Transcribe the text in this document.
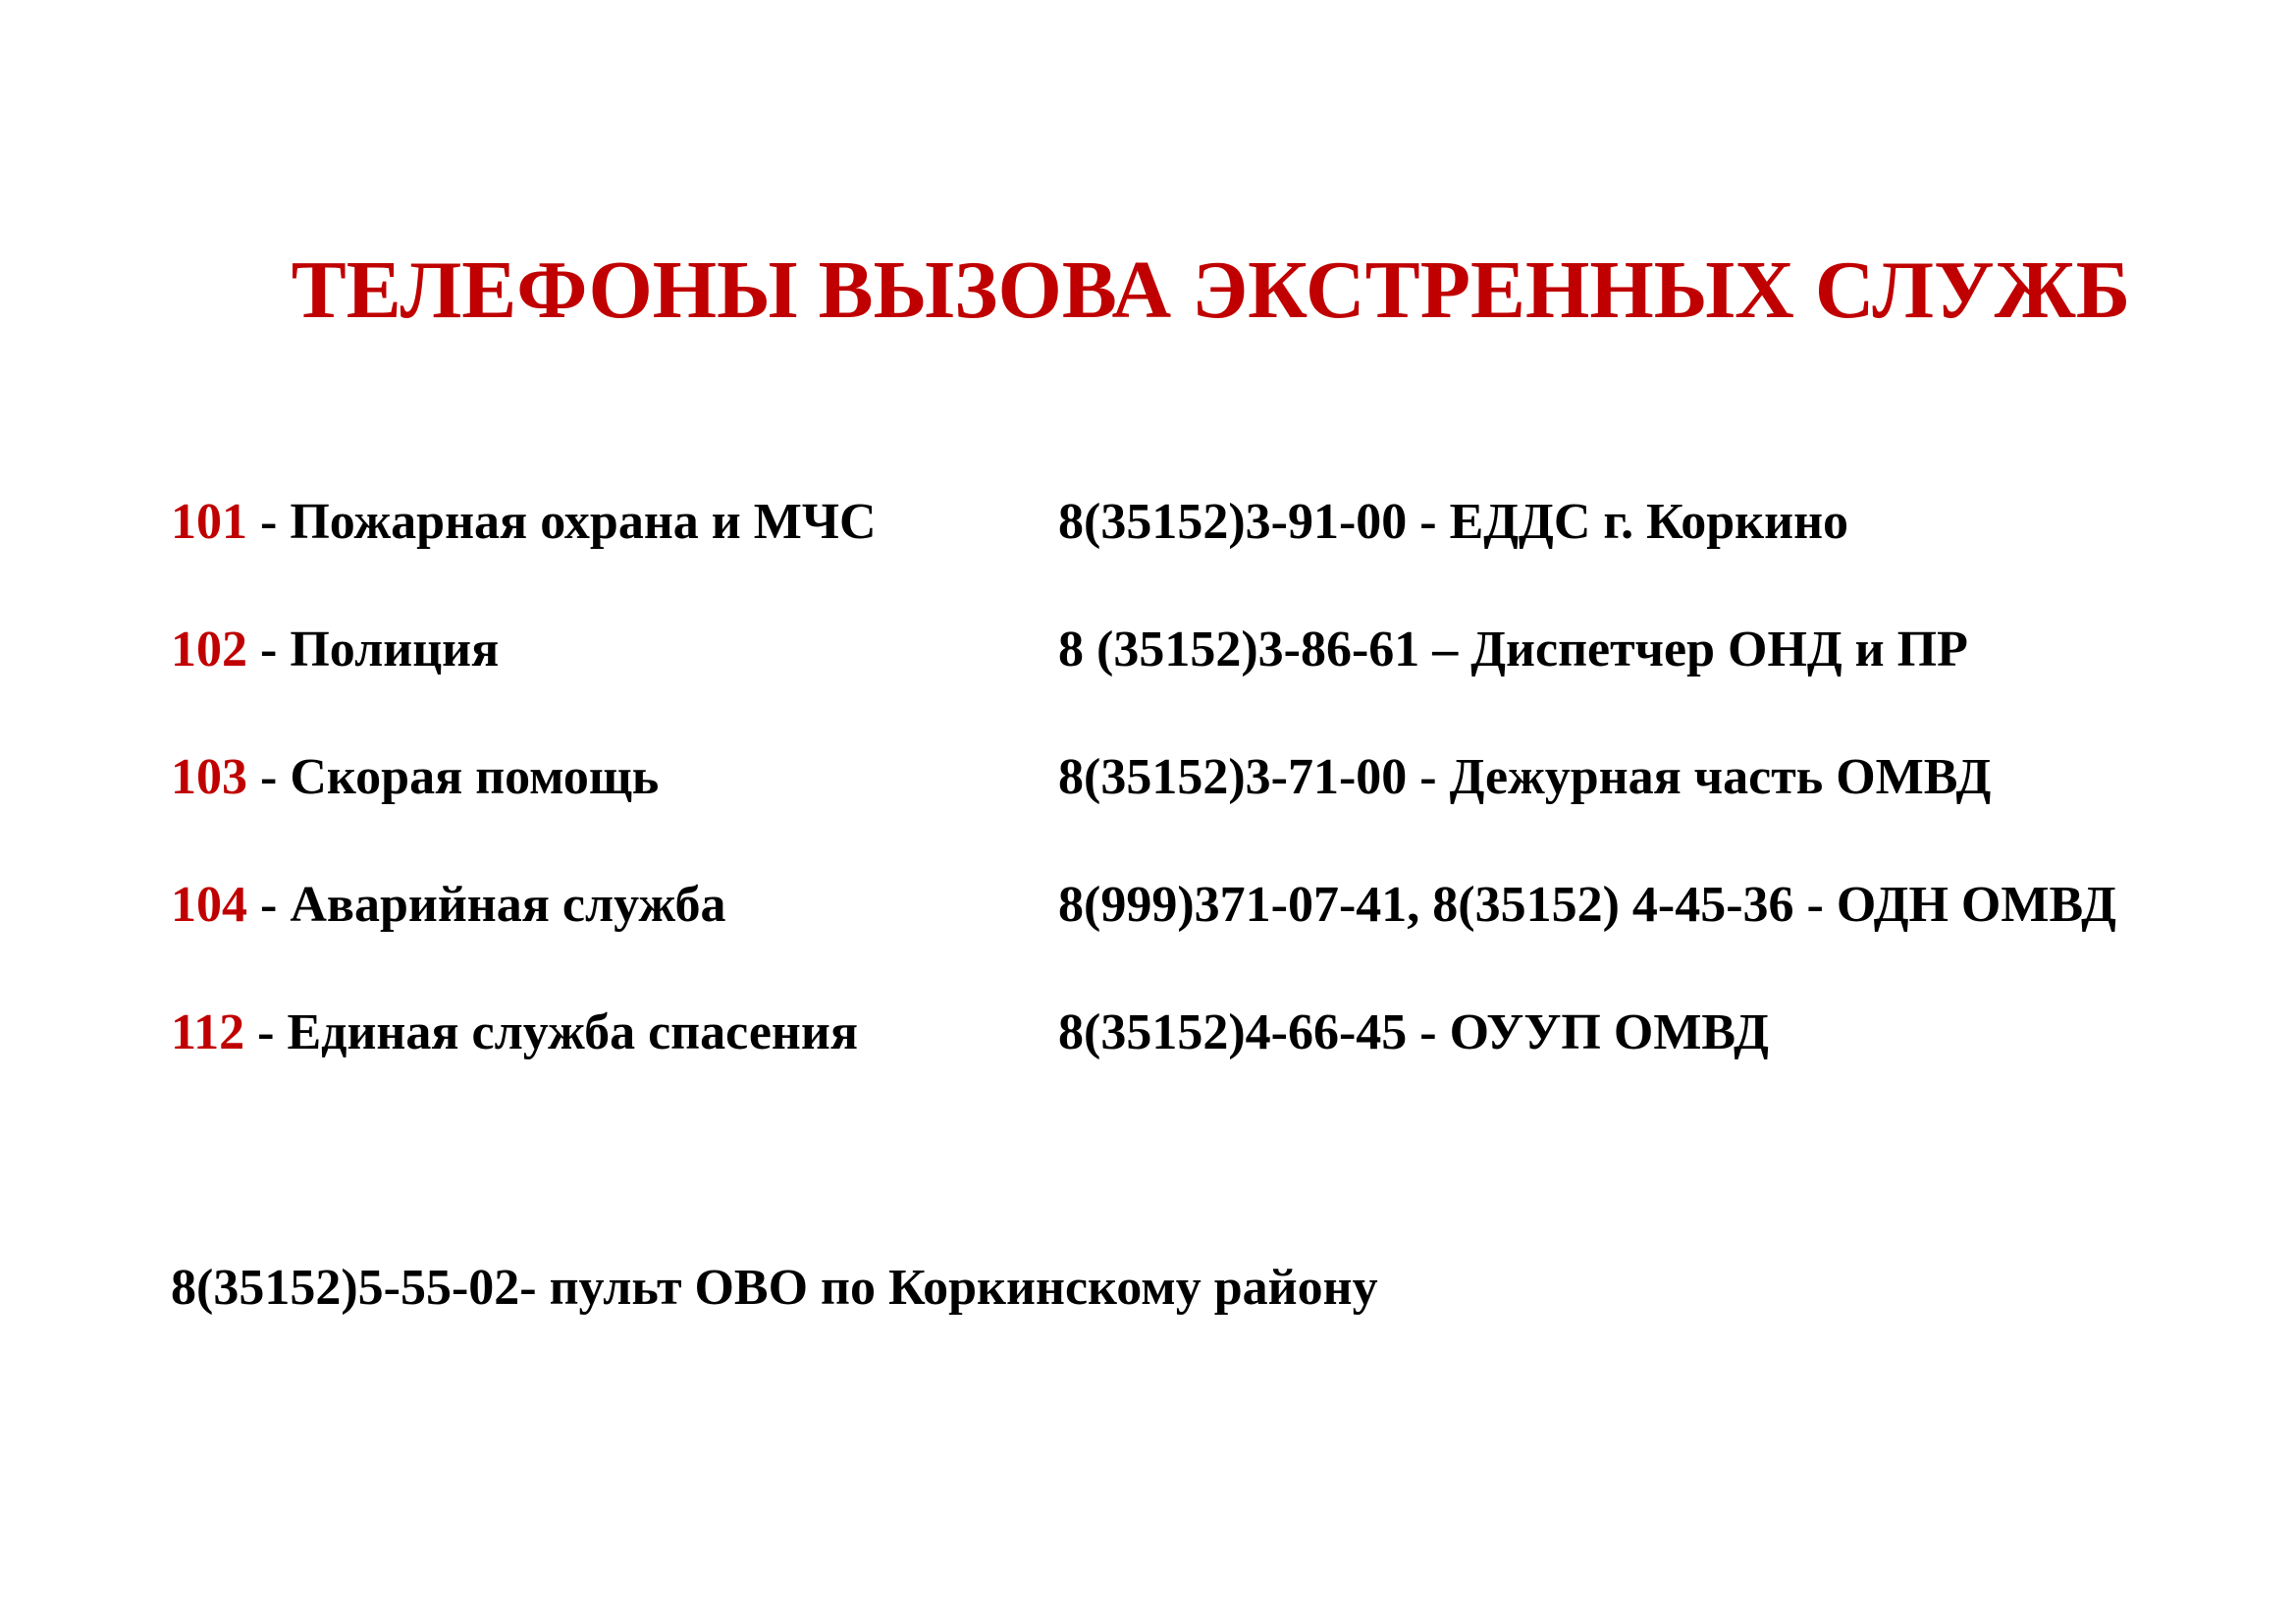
ТЕЛЕФОНЫ ВЫЗОВА ЭКСТРЕННЫХ СЛУЖБ
101 - Пожарная охрана и МЧС
102 - Полиция
103 - Скорая помощь
104 - Аварийная служба
112 - Единая служба спасения
8(35152)3-91-00 - ЕДДС г. Коркино
8 (35152)3-86-61 – Диспетчер ОНД и ПР
8(35152)3-71-00 - Дежурная часть ОМВД
8(999)371-07-41, 8(35152) 4-45-36 - ОДН ОМВД
8(35152)4-66-45 - ОУУП ОМВД
8(35152)5-55-02- пульт ОВО по Коркинскому району
